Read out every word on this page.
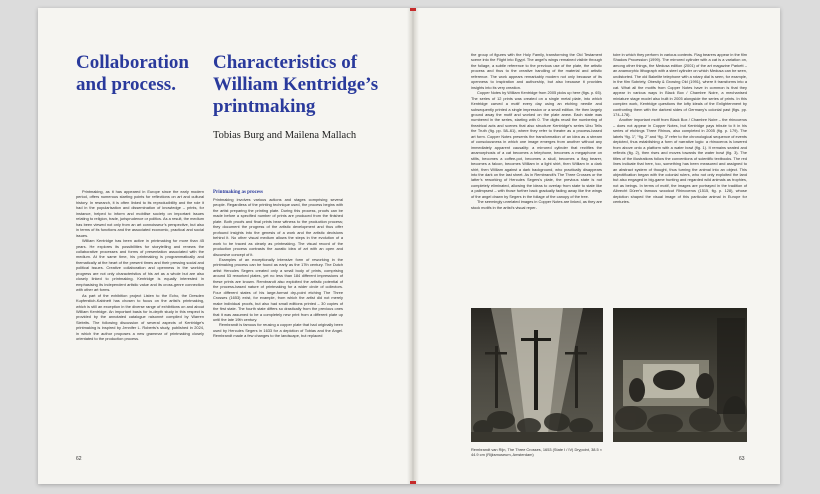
Collaboration and process.
Characteristics of William Kentridge’s printmaking
Tobias Burg and Mailena Mallach

Printmaking, as it has appeared in Europe since the early modern period, offers numerous starting points for reflections on art and cultural history. In research, it is often linked to its reproducibility and the role it had in the popularisation and dissemination of knowledge – prints, for instance, helped to inform and mobilise society on important issues relating to religion, trade, jurisprudence or politics. As a result, the medium has been viewed not only from an art connoisseur’s perspective, but also in terms of its functions and the associated economic, practical and social issues.

William Kentridge has been active in printmaking for more than 45 years. He explores its possibilities for storytelling and renews the collaborative processes and forms of presentation associated with the medium. At the same time, his printmaking is programmatically and thematically at the heart of the present times and their pressing social and political issues. Creative collaboration and openness in the working progress are not only characteristics of his art as a whole but are also closely linked to printmaking. Kentridge is equally interested in emphasising its independent artistic value and its cross-genre connection with other art forms.

As part of the exhibition project Listen to the Echo, the Dresden Kupferstich-Kabinett has chosen to focus on the artist’s printmaking, which is still an exception in the diverse range of exhibitions on and about William Kentridge. An important basis for in-depth study in this respect is provided by the annotated catalogue raisonné compiled by Warren Siebrits. The following discussion of several aspects of Kentridge’s printmaking is inspired by Jennifer L. Roberts’s study, published in 2024, in which the author proposes a new grammar of printmaking closely orientated to the production process.

Printmaking as process

Printmaking involves various actions and stages comprising several people. Regardless of the printing technique used, the process begins with the artist preparing the printing plate. During this process, proofs can be made before a specified number of prints are produced from the finished plate. Both proofs and final prints bear witness to the production process; they document the progress of the artistic development and thus offer profound insights into the genesis of a work and the artistic decisions behind it. No other visual medium allows the steps in the evolution of a work to be traced as clearly as printmaking. The visual record of the production process contrasts the auratic idea of art with an open and discursive concept of it.

Examples of an exceptionally intensive form of reworking in the printmaking process can be found as early as the 17th century. The Dutch artist Hercules Segers created only a small body of prints, comprising around 53 reworked plates, yet no less than 184 different impressions of these prints are known. Rembrandt also exploited the artistic potential of the process-based nature of printmaking for a wider circle of collectors. Four different states of his large-format dry-point etching The Three Crosses (1653) exist, for example, from which the artist did not merely make individual proofs, but also had small editions printed – 30 copies of the first state. The fourth state differs so drastically from the previous ones that it was assumed to be a completely new print from a different plate up until the late 19th century.

Rembrandt is famous for reusing a copper plate that had originally been used by Hercules Segers in 1633 for a depiction of Tobias and the Angel. Rembrandt made a few changes to the landscape, but replaced

62

the group of figures with the Holy Family, transforming the Old Testament scene into the Flight into Egypt. The angel’s wings remained visible through the foliage, a subtle reference to the previous use of the plate, the artistic process and thus to the creative handling of the material and artistic reference. The work appears remarkably modern not only because of its openness to inspiration and authorship, but also because it provides insights into its very creation.

Copper Notes by William Kentridge from 2005 picks up here (figs. p. 65). The series of 12 prints was created on a single metal plate, into which Kentridge carved a motif every day using an etching needle and subsequently printed a single impression or a small edition. He then largely ground away the motif and worked on the plate anew. Each state was numbered in the series, starting with 0. The digits recall the numbering of theatrical acts and scenes that also structure Kentridge’s series Ubu Tells the Truth (fig. pp. 58–61), where they refer to theatre as a process-based art form. Copper Notes presents the transformation of an idea as a stream of consciousness in which one image emerges from another without any immediately apparent causality: a mirrored cylinder that rectifies the anamorphosis of a cat becomes a telephone, becomes a megaphone on stilts, becomes a coffee-pot, becomes a skull, becomes a flag bearer, becomes a falcon, becomes William in a light shirt, then William in a dark shirt, then William against a dark background, who practically disappears into the dark on the last sheet. As in Rembrandt’s The Three Crosses or the latter’s reworking of Hercules Segers’s plate, the previous state is not completely eliminated, allowing the ideas to overlap from state to state like a palimpsest – with those further back gradually fading away like the wings of the angel drawn by Segers in the foliage of the canopy of the tree.

The seemingly unrelated images in Copper Notes are linked, as they are stock motifs in the artist’s visual reper-

toire in which they perform in various contexts. Flag bearers appear in the film Shadow Procession (1999). The mirrored cylinder with a cat is a variation on, among other things, the Medusa edition (2001) of the art magazine Parkett – an anamorphic lithograph with a steel cylinder on which Medusa can be seen, undistorted. The old Bakelite telephone with a rotary dial is seen, for example, in the film Sobriety, Obesity & Growing Old (1991), where it transforms into a cat. What all the motifs from Copper Notes have in common is that they appear in various ways in Black Box / Chambre Noire, a mechanised miniature stage model also built in 2005 alongside the series of prints. In this complex work, Kentridge questions the lofty ideals of the Enlightenment by confronting them with the darkest sides of Germany’s colonial past (figs. pp. 174–178).

Another important motif from Black Box / Chambre Noire – the rhinoceros – does not appear in Copper Notes, but Kentridge pays tribute to it in his series of etchings Three Rhinos, also completed in 2005 (fig. p. 179). The labels “fig. 1”, “fig. 2” and “fig. 3” refer to the chronological sequence of events depicted, thus establishing a form of narrative logic: a rhinoceros is lowered from above onto a platform with a water bowl (fig. 1). It remains seated and reflects (fig. 2), then rises and moves towards the water bowl (fig. 3). The titles of the illustrations follow the conventions of scientific textbooks. The red lines indicate that here, too, something has been measured and assigned to an abstract system of thought, thus turning the animal into an object. This objectification began with the colonial rulers, who not only exploited the land but also engaged in big-game hunting and regarded wild animals as trophies, not as beings. In terms of motif, the images are portrayed in the tradition of Albrecht Dürer’s famous woodcut Rhinoceros (1515, fig. p. 128), whose depiction shaped the visual image of this particular animal in Europe for centuries.

Rembrandt van Rijn, The Three Crosses, 1653 (State I / IV) Drypoint, 38.5 × 44.9 cm (Rijksmuseum, Amsterdam)
63
